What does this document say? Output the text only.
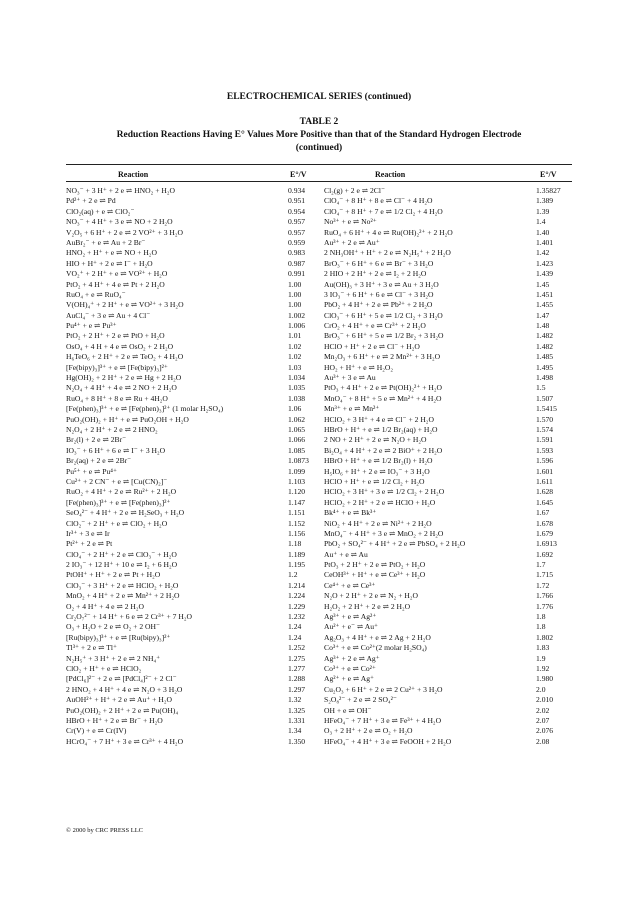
ELECTROCHEMICAL SERIES (continued)
TABLE 2
Reduction Reactions Having E° Values More Positive than that of the Standard Hydrogen Electrode
(continued)
Reaction	E°/V	Reaction	E°/V
NO₃⁻ + 3 H⁺ + 2 e ⇌ HNO₂ + H₂O	0.934 Cl₂(g) + 2 e ⇌ 2Cl⁻	1.35827
Pd²⁺ + 2 e ⇌ Pd	0.951 ClO₄⁻ + 8 H⁺ + 8 e ⇌ Cl⁻ + 4 H₂O	1.389
ClO₂(aq) + e ⇌ ClO₂⁻	0.954 ClO₄⁻ + 8 H⁺ + 7 e ⇌ 1/2 Cl₂ + 4 H₂O	1.39
NO₃⁻ + 4 H⁺ + 3 e ⇌ NO + 2 H₂O	0.957 No³⁺ + e ⇌ No²⁺	1.4
V₂O₅ + 6 H⁺ + 2 e ⇌ 2 VO²⁺ + 3 H₂O	0.957 RuO₄ + 6 H⁺ + 4 e ⇌ Ru(OH)₂²⁺ + 2 H₂O	1.40
AuBr₂⁻ + e ⇌ Au + 2 Br⁻	0.959 Au³⁺ + 2 e ⇌ Au⁺	1.401
HNO₂ + H⁺ + e ⇌ NO + H₂O	0.983 2 NH₃OH⁺ + H⁺ + 2 e ⇌ N₂H₅⁺ + 2 H₂O	1.42
HIO + H⁺ + 2 e ⇌ I⁻ + H₂O	0.987 BrO₃⁻ + 6 H⁺ + 6 e ⇌ Br⁻ + 3 H₂O	1.423
VO₂⁺ + 2 H⁺ + e ⇌ VO²⁺ + H₂O	0.991 2 HIO + 2 H⁺ + 2 e ⇌ I₂ + 2 H₂O	1.439
PtO₂ + 4 H⁺ + 4 e ⇌ Pt + 2 H₂O	1.00	Au(OH)₃ + 3 H⁺ + 3 e ⇌ Au + 3 H₂O	1.45
RuO₄ + e ⇌ RuO₄⁻	1.00	3 IO₃⁻ + 6 H⁺ + 6 e ⇌ Cl⁻ + 3 H₂O	1.451
V(OH)₄⁺ + 2 H⁺ + e ⇌ VO²⁺ + 3 H₂O	1.00	PbO₂ + 4 H⁺ + 2 e ⇌ Pb²⁺ + 2 H₂O	1.455
AuCl₄⁻ + 3 e ⇌ Au + 4 Cl⁻	1.002 ClO₃⁻ + 6 H⁺ + 5 e ⇌ 1/2 Cl₂ + 3 H₂O	1.47
Pu⁴⁺ + e ⇌ Pu³⁺	1.006 CrO₂ + 4 H⁺ + e ⇌ Cr³⁺ + 2 H₂O	1.48
PtO₂ + 2 H⁺ + 2 e ⇌ PtO + H₂O	1.01	BrO₃⁻ + 6 H⁺ + 5 e ⇌ 1/2 Br₂ + 3 H₂O	1.482
OsO₄ + 4 H + 4 e ⇌ OsO₂ + 2 H₂O	1.02	HClO + H⁺ + 2 e ⇌ Cl⁻ + H₂O	1.482
H₆TeO₆ + 2 H⁺ + 2 e ⇌ TeO₂ + 4 H₂O	1.02	Mn₂O₃ + 6 H⁺ + e ⇌ 2 Mn²⁺ + 3 H₂O	1.485
[Fe(bipy)₃]³⁺ + e ⇌ [Fe(bipy)₃]²⁺	1.03	HO₂ + H⁺ + e ⇌ H₂O₂	1.495
Hg(OH)₂ + 2 H⁺ + 2 e ⇌ Hg + 2 H₂O	1.034 Au³⁺ + 3 e ⇌ Au	1.498
N₂O₄ + 4 H⁺ + 4 e ⇌ 2 NO + 2 H₂O	1.035 PtO₃ + 4 H⁺ + 2 e ⇌ Pt(OH)₂²⁺ + H₂O	1.5
RuO₄ + 8 H⁺ + 8 e ⇌ Ru + 4H₂O	1.038 MnO₄⁻ + 8 H⁺ + 5 e ⇌ Mn²⁺ + 4 H₂O	1.507
[Fe(phen)₃]³⁺ + e ⇌ [Fe(phen)₃]²⁺ (1 molar H₂SO₄)	1.06	Mn³⁺ + e ⇌ Mn²⁺	1.5415
PuO₂(OH)₂ + H⁺ + e ⇌ PuO₂OH + H₂O	1.062 HClO₂ + 3 H⁺ + 4 e ⇌ Cl⁻ + 2 H₂O	1.570
N₂O₄ + 2 H⁺ + 2 e ⇌ 2 HNO₂	1.065 HBrO + H⁺ + e ⇌ 1/2 Br₂(aq) + H₂O	1.574
Br₂(l) + 2 e ⇌ 2Br⁻	1.066 2 NO + 2 H⁺ + 2 e ⇌ N₂O + H₂O	1.591
IO₃⁻ + 6 H⁺ + 6 e ⇌ I⁻ + 3 H₂O	1.085 Bi₂O₄ + 4 H⁺ + 2 e ⇌ 2 BiO⁺ + 2 H₂O	1.593
Br₂(aq) + 2 e ⇌ 2Br⁻	1.0873 HBrO + H⁺ + e ⇌ 1/2 Br₂(l) + H₂O	1.596
Pu⁵⁺ + e ⇌ Pu⁴⁺	1.099 H₅IO₆ + H⁺ + 2 e ⇌ IO₃⁻ + 3 H₂O	1.601
Cu²⁺ + 2 CN⁻ + e ⇌ [Cu(CN)₂]⁻	1.103 HClO + H⁺ + e ⇌ 1/2 Cl₂ + H₂O	1.611
RuO₂ + 4 H⁺ + 2 e ⇌ Ru²⁺ + 2 H₂O	1.120 HClO₂ + 3 H⁺ + 3 e ⇌ 1/2 Cl₂ + 2 H₂O	1.628
[Fe(phen)₃]³⁺ + e ⇌ [Fe(phen)₃]²⁺	1.147 HClO₂ + 2 H⁺ + 2 e ⇌ HClO + H₂O	1.645
SeO₄²⁻ + 4 H⁺ + 2 e ⇌ H₂SeO₃ + H₂O	1.151 Bk⁴⁺ + e ⇌ Bk³⁺	1.67
ClO₂⁻ + 2 H⁺ + e ⇌ ClO₂ + H₂O	1.152 NiO₂ + 4 H⁺ + 2 e ⇌ Ni²⁺ + 2 H₂O	1.678
Ir³⁺ + 3 e ⇌ Ir	1.156 MnO₄⁻ + 4 H⁺ + 3 e ⇌ MnO₂ + 2 H₂O	1.679
Pt²⁺ + 2 e ⇌ Pt	1.18	PbO₂ + SO₄²⁻ + 4 H⁺ + 2 e ⇌ PbSO₄ + 2 H₂O	1.6913
ClO₄⁻ + 2 H⁺ + 2 e ⇌ ClO₃⁻ + H₂O	1.189 Au⁺ + e ⇌ Au	1.692
2 IO₃⁻ + 12 H⁺ + 10 e ⇌ I₂ + 6 H₂O	1.195 PtO₃ + 2 H⁺ + 2 e ⇌ PtO₂ + H₂O	1.7
PtOH⁺ + H⁺ + 2 e ⇌ Pt + H₂O	1.2	CeOH³⁺ + H⁺ + e ⇌ Ce³⁺ + H₂O	1.715
ClO₃⁻ + 3 H⁺ + 2 e ⇌ HClO₂ + H₂O	1.214 Ce⁴⁺ + e ⇌ Ce³⁺	1.72
MnO₂ + 4 H⁺ + 2 e ⇌ Mn²⁺ + 2 H₂O	1.224 N₂O + 2 H⁺ + 2 e ⇌ N₂ + H₂O	1.766
O₂ + 4 H⁺ + 4 e ⇌ 2 H₂O	1.229 H₂O₂ + 2 H⁺ + 2 e ⇌ 2 H₂O	1.776
Cr₂O₇²⁻ + 14 H⁺ + 6 e ⇌ 2 Cr³⁺ + 7 H₂O	1.232 Ag³⁺ + e ⇌ Ag²⁺	1.8
O₃ + H₂O + 2 e ⇌ O₂ + 2 OH⁻	1.24	Au²⁺ + e⁻ ⇌ Au⁺	1.8
[Ru(bipy)₃]³⁺ + e ⇌ [Ru(bipy)₃]²⁺	1.24	Ag₂O₃ + 4 H⁺ + e ⇌ 2 Ag + 2 H₂O	1.802
Tl³⁺ + 2 e ⇌ Tl⁺	1.252 Co³⁺ + e ⇌ Co²⁺(2 molar H₂SO₄)	1.83
N₂H₅⁺ + 3 H⁺ + 2 e ⇌ 2 NH₄⁺	1.275 Ag³⁺ + 2 e ⇌ Ag⁺	1.9
ClO₂ + H⁺ + e ⇌ HClO₂	1.277 Co³⁺ + e ⇌ Co²⁺	1.92
[PdCl₆]²⁻ + 2 e ⇌ [PdCl₄]²⁻ + 2 Cl⁻	1.288 Ag²⁺ + e ⇌ Ag⁺	1.980
2 HNO₂ + 4 H⁺ + 4 e ⇌ N₂O + 3 H₂O	1.297 Cu₂O₃ + 6 H⁺ + 2 e ⇌ 2 Cu²⁺ + 3 H₂O	2.0
AuOH²⁺ + H⁺ + 2 e ⇌ Au⁺ + H₂O	1.32	S₂O₈²⁻ + 2 e ⇌ 2 SO₄²⁻	2.010
PuO₂(OH)₂ + 2 H⁺ + 2 e ⇌ Pu(OH)₄	1.325 OH + e ⇌ OH⁻	2.02
HBrO + H⁺ + 2 e ⇌ Br⁻ + H₂O	1.331 HFeO₄⁻ + 7 H⁺ + 3 e ⇌ Fe³⁺ + 4 H₂O	2.07
Cr(V) + e ⇌ Cr(IV)	1.34	O₃ + 2 H⁺ + 2 e ⇌ O₂ + H₂O	2.076
HCrO₄⁻ + 7 H⁺ + 3 e ⇌ Cr³⁺ + 4 H₂O	1.350 HFeO₄⁻ + 4 H⁺ + 3 e ⇌ FeOOH + 2 H₂O	2.08
© 2000 by CRC PRESS LLC
